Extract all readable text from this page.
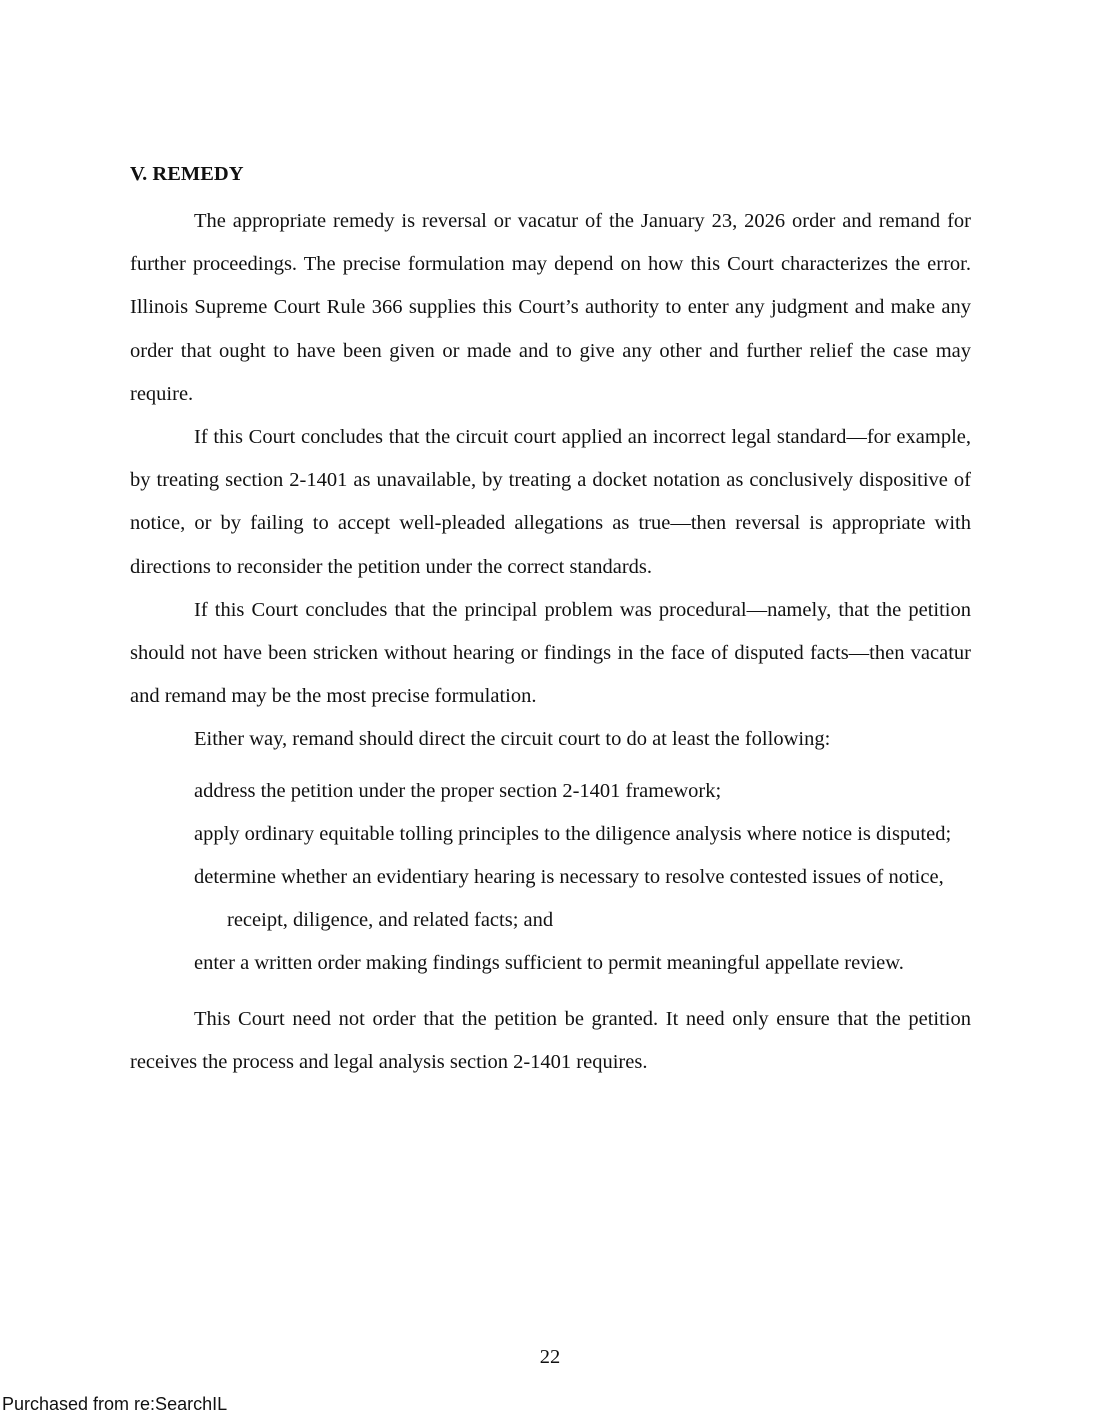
V. REMEDY

The appropriate remedy is reversal or vacatur of the January 23, 2026 order and remand for further proceedings. The precise formulation may depend on how this Court characterizes the error. Illinois Supreme Court Rule 366 supplies this Court’s authority to enter any judgment and make any order that ought to have been given or made and to give any other and further relief the case may require.

If this Court concludes that the circuit court applied an incorrect legal standard—for example, by treating section 2-1401 as unavailable, by treating a docket notation as conclusively dispositive of notice, or by failing to accept well-pleaded allegations as true—then reversal is appropriate with directions to reconsider the petition under the correct standards.

If this Court concludes that the principal problem was procedural—namely, that the petition should not have been stricken without hearing or findings in the face of disputed facts—then vacatur and remand may be the most precise formulation.

Either way, remand should direct the circuit court to do at least the following:

address the petition under the proper section 2-1401 framework;
apply ordinary equitable tolling principles to the diligence analysis where notice is disputed;
determine whether an evidentiary hearing is necessary to resolve contested issues of notice, receipt, diligence, and related facts; and
enter a written order making findings sufficient to permit meaningful appellate review.

This Court need not order that the petition be granted. It need only ensure that the petition receives the process and legal analysis section 2-1401 requires.

22
Purchased from re:SearchIL
